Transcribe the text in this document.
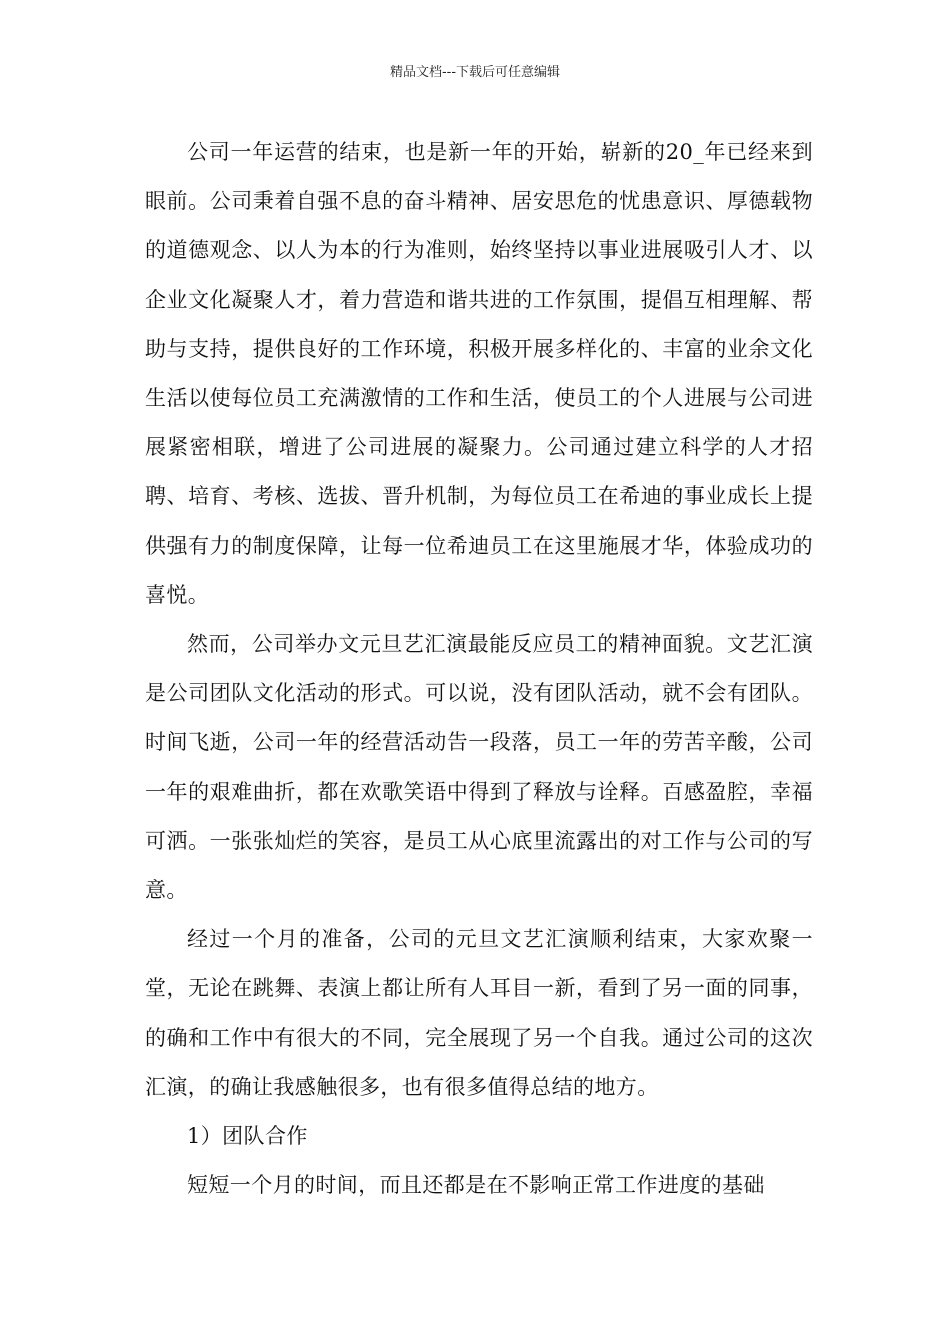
精品文档---下载后可任意编辑

公司一年运营的结束，也是新一年的开始，崭新的20_年已经来到眼前。公司秉着自强不息的奋斗精神、居安思危的忧患意识、厚德载物的道德观念、以人为本的行为准则，始终坚持以事业进展吸引人才、以企业文化凝聚人才，着力营造和谐共进的工作氛围，提倡互相理解、帮助与支持，提供良好的工作环境，积极开展多样化的、丰富的业余文化生活以使每位员工充满激情的工作和生活，使员工的个人进展与公司进展紧密相联，增进了公司进展的凝聚力。公司通过建立科学的人才招聘、培育、考核、选拔、晋升机制，为每位员工在希迪的事业成长上提供强有力的制度保障，让每一位希迪员工在这里施展才华，体验成功的喜悦。

然而，公司举办文元旦艺汇演最能反应员工的精神面貌。文艺汇演是公司团队文化活动的形式。可以说，没有团队活动，就不会有团队。时间飞逝，公司一年的经营活动告一段落，员工一年的劳苦辛酸，公司一年的艰难曲折，都在欢歌笑语中得到了释放与诠释。百感盈腔，幸福可洒。一张张灿烂的笑容，是员工从心底里流露出的对工作与公司的写意。

经过一个月的准备，公司的元旦文艺汇演顺利结束，大家欢聚一堂，无论在跳舞、表演上都让所有人耳目一新，看到了另一面的同事，的确和工作中有很大的不同，完全展现了另一个自我。通过公司的这次汇演，的确让我感触很多，也有很多值得总结的地方。

1）团队合作

短短一个月的时间，而且还都是在不影响正常工作进度的基础
